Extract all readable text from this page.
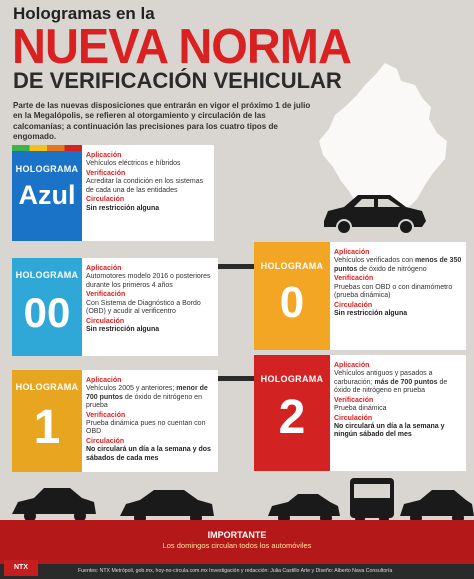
Hologramas en la
NUEVA NORMA
DE VERIFICACIÓN VEHICULAR
Parte de las nuevas disposiciones que entrarán en vigor el próximo 1 de julio en la Megalópolis, se refieren al otorgamiento y circulación de las calcomanías; a continuación las precisiones para los cuatro tipos de engomado.
HOLOGRAMA
Azul
Aplicación
Vehículos eléctricos e híbridos
Verificación
Acreditar la condición en los sistemas de cada una de las entidades
Circulación
Sin restricción alguna
HOLOGRAMA
00
Aplicación
Automotores modelo 2016 o posteriores durante los primeros 4 años
Verificación
Con Sistema de Diagnóstico a Bordo (OBD) y acudir al verificentro
Circulación
Sin restricción alguna
HOLOGRAMA
0
Aplicación
Vehículos verificados con menos de 350 puntos de óxido de nitrógeno
Verificación
Pruebas con OBD o con dinamómetro (prueba dinámica)
Circulación
Sin restricción alguna
HOLOGRAMA
1
Aplicación
Vehículos 2005 y anteriores; menor de 700 puntos de óxido de nitrógeno en prueba
Verificación
Prueba dinámica pues no cuentan con OBD
Circulación
No circulará un día a la semana y dos sábados de cada mes
HOLOGRAMA
2
Aplicación
Vehículos antiguos y pasados a carburación; más de 700 puntos de óxido de nitrógeno en prueba
Verificación
Prueba dinámica
Circulación
No circulará un día a la semana y ningún sábado del mes
IMPORTANTE
Los domingos circulan todos los automóviles
Fuentes: NTX Metrópoli, gob.mx, hoy-no-circula.com.mx Investigación y redacción: Julia Castillo Arte y Diseño: Alberto Nava Consultoría
NTX
